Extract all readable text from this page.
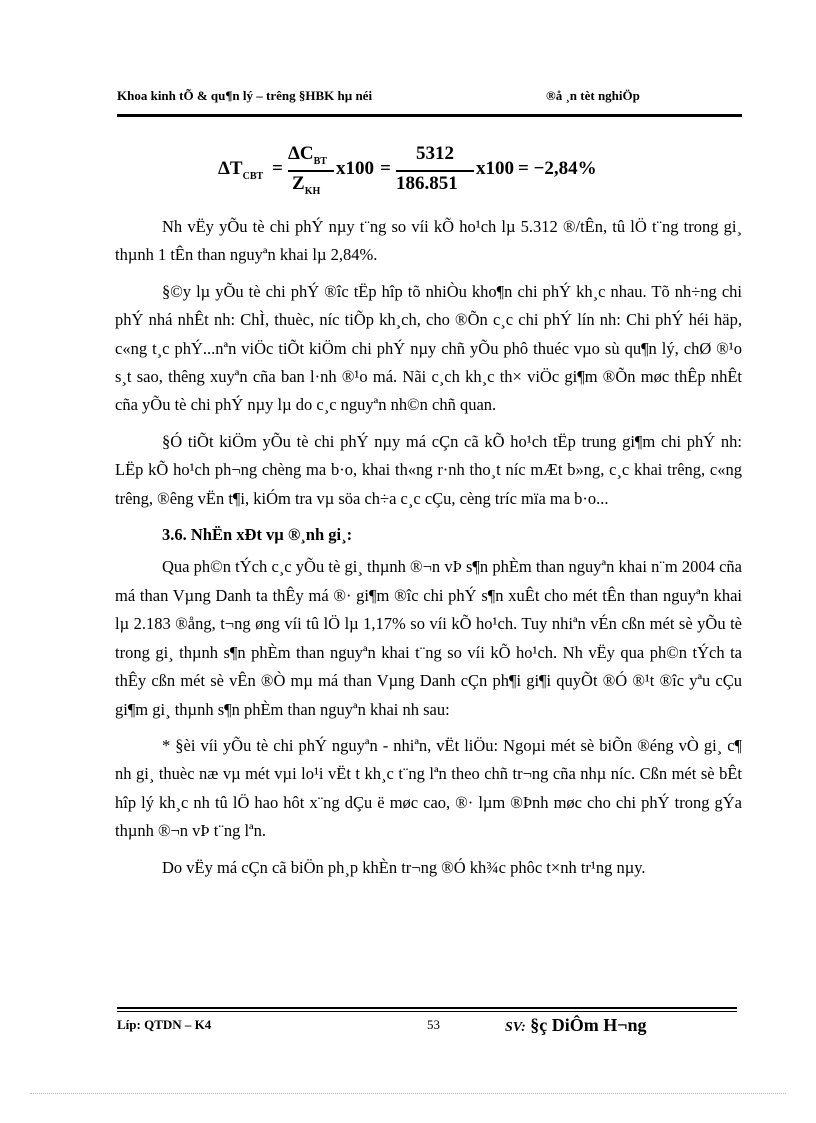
Khoa kinh tÕ & qu¶n lý – trêng §HBK hµ néi	®å ¸n tèt nghiÖp
$\Delta T_{CBT}$ =
$\Delta C_{BT}$
$Z_{KH}$
x100 =
5312
186.851
x100 = −2,84%

Nh vËy yÕu tè chi phÝ nµy t¨ng so víi kÕ ho¹ch lµ 5.312 ®/tÊn, tû lÖ t¨ng trong gi¸ thµnh 1 tÊn than nguyªn khai lµ 2,84%.

§©y lµ yÕu tè chi phÝ ®îc tËp hîp tõ nhiÒu kho¶n chi phÝ kh¸c nhau. Tõ nh÷ng chi phÝ nhá nhÊt nh: ChÌ, thuèc, níc tiÕp kh¸ch, cho ®Õn c¸c chi phÝ lín nh: Chi phÝ héi häp, c«ng t¸c phÝ...nªn viÖc tiÕt kiÖm chi phÝ nµy chñ yÕu phô thuéc vµo sù qu¶n lý, chØ ®¹o s¸t sao, thêng xuyªn cña ban l·nh ®¹o má. Nãi c¸ch kh¸c th× viÖc gi¶m ®Õn møc thÊp nhÊt cña yÕu tè chi phÝ nµy lµ do c¸c nguyªn nh©n chñ quan.

§Ó tiÕt kiÖm yÕu tè chi phÝ nµy má cÇn cã kÕ ho¹ch tËp trung gi¶m chi phÝ nh: LËp kÕ ho¹ch ph¬ng chèng ma b·o, khai th«ng r·nh tho¸t níc mÆt b»ng, c¸c khai trêng, c«ng trêng, ®êng vËn t¶i, kiÓm tra vµ söa ch÷a c¸c cÇu, cèng tríc mïa ma b·o...

3.6. NhËn xÐt vµ ®¸nh gi¸:

Qua ph©n tÝch c¸c yÕu tè gi¸ thµnh ®¬n vÞ s¶n phÈm than nguyªn khai n¨m 2004 cña má than Vµng Danh ta thÊy má ®· gi¶m ®îc chi phÝ s¶n xuÊt cho mét tÊn than nguyªn khai lµ 2.183 ®ång, t¬ng øng víi tû lÖ lµ 1,17% so víi kÕ ho¹ch. Tuy nhiªn vÉn cßn mét sè yÕu tè trong gi¸ thµnh s¶n phÈm than nguyªn khai t¨ng so víi kÕ ho¹ch. Nh vËy qua ph©n tÝch ta thÊy cßn mét sè vÊn ®Ò mµ má than Vµng Danh cÇn ph¶i gi¶i quyÕt ®Ó ®¹t ®îc yªu cÇu gi¶m gi¸ thµnh s¶n phÈm than nguyªn khai nh sau:

* §èi víi yÕu tè chi phÝ nguyªn - nhiªn, vËt liÖu: Ngoµi mét sè biÕn ®éng vÒ gi¸ c¶ nh gi¸ thuèc næ vµ mét vµi lo¹i vËt t kh¸c t¨ng lªn theo chñ tr¬ng cña nhµ níc. Cßn mét sè bÊt hîp lý kh¸c nh tû lÖ hao hôt x¨ng dÇu ë møc cao, ®· lµm ®Þnh møc cho chi phÝ trong gÝa thµnh ®¬n vÞ t¨ng lªn.

Do vËy má cÇn cã biÖn ph¸p khÈn tr¬ng ®Ó kh¾c phôc t×nh tr¹ng nµy.

Líp: QTDN – K4	53	SV: §ç DiÔm H¬ng
